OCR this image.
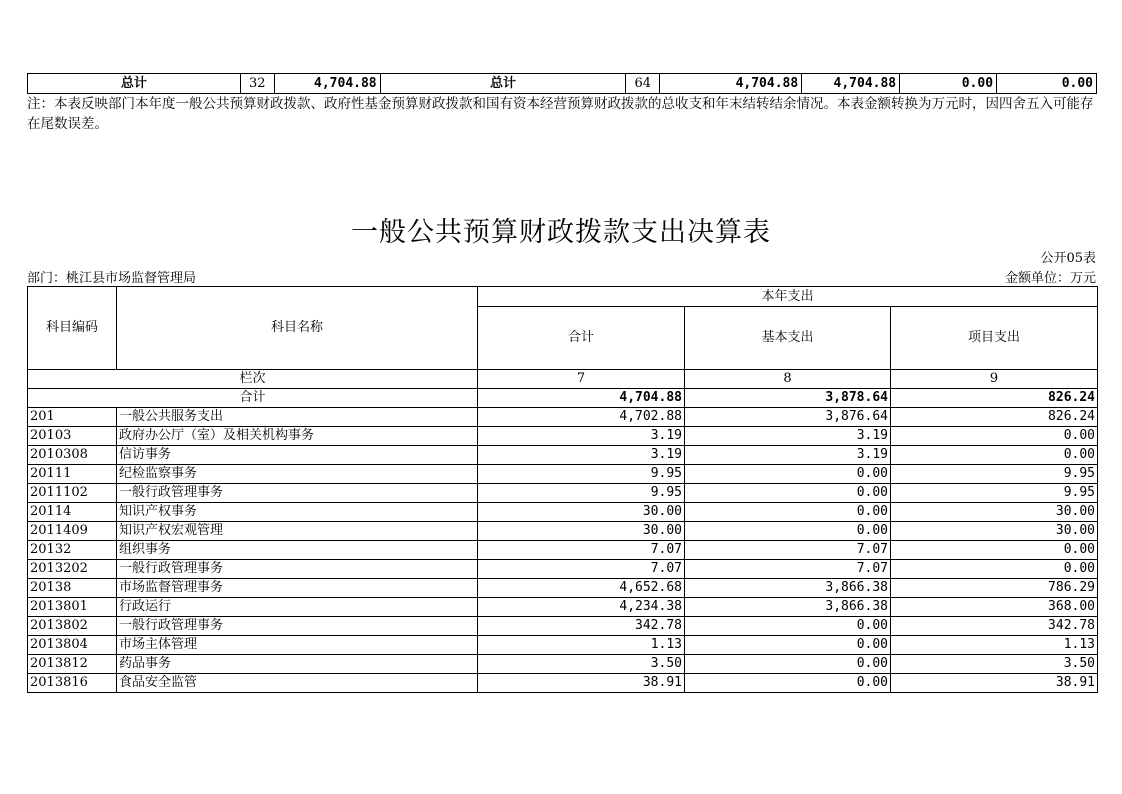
总计	32	4,704.88	总计	64	4,704.88	4,704.88	0.00	0.00
注：本表反映部门本年度一般公共预算财政拨款、政府性基金预算财政拨款和国有资本经营预算财政拨款的总收支和年末结转结余情况。本表金额转换为万元时，因四舍五入可能存在尾数误差。
一般公共预算财政拨款支出决算表
公开05表
部门：桃江县市场监督管理局	金额单位：万元
科目编码	科目名称	本年支出		
		合计	基本支出	项目支出
栏次		7	8	9
合计		4,704.88	3,878.64	826.24
201	一般公共服务支出	4,702.88	3,876.64	826.24
20103	政府办公厅（室）及相关机构事务	3.19	3.19	0.00
2010308	信访事务	3.19	3.19	0.00
20111	纪检监察事务	9.95	0.00	9.95
2011102	一般行政管理事务	9.95	0.00	9.95
20114	知识产权事务	30.00	0.00	30.00
2011409	知识产权宏观管理	30.00	0.00	30.00
20132	组织事务	7.07	7.07	0.00
2013202	一般行政管理事务	7.07	7.07	0.00
20138	市场监督管理事务	4,652.68	3,866.38	786.29
2013801	行政运行	4,234.38	3,866.38	368.00
2013802	一般行政管理事务	342.78	0.00	342.78
2013804	市场主体管理	1.13	0.00	1.13
2013812	药品事务	3.50	0.00	3.50
2013816	食品安全监管	38.91	0.00	38.91
